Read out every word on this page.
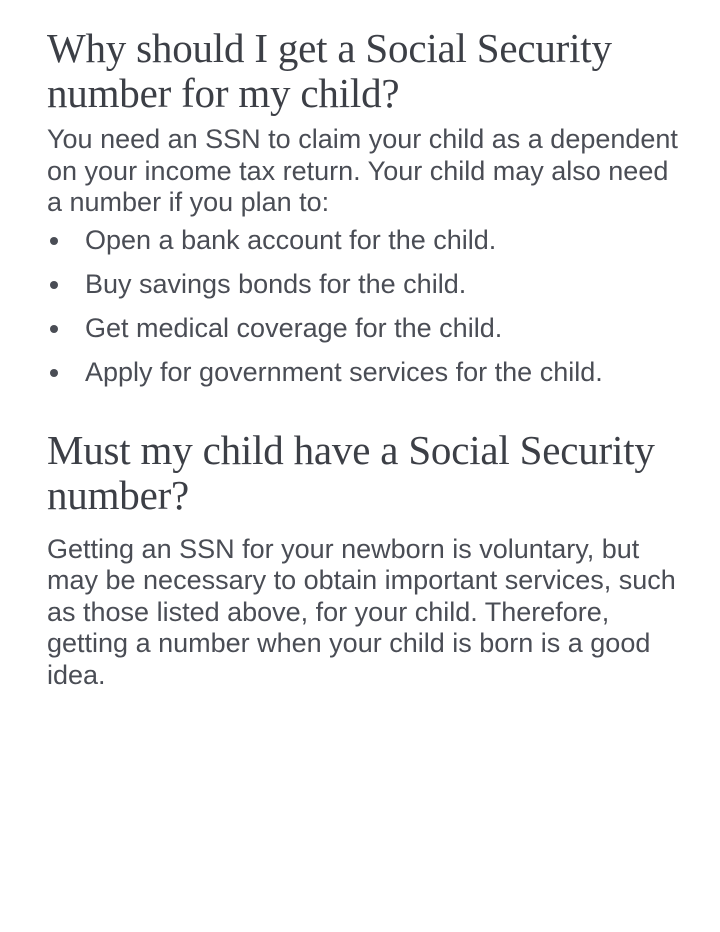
Why should I get a Social Security number for my child?

You need an SSN to claim your child as a dependent on your income tax return. Your child may also need a number if you plan to:

Open a bank account for the child.
Buy savings bonds for the child.
Get medical coverage for the child.
Apply for government services for the child.
Must my child have a Social Security number?

Getting an SSN for your newborn is voluntary, but may be necessary to obtain important services, such as those listed above, for your child. Therefore, getting a number when your child is born is a good idea.
